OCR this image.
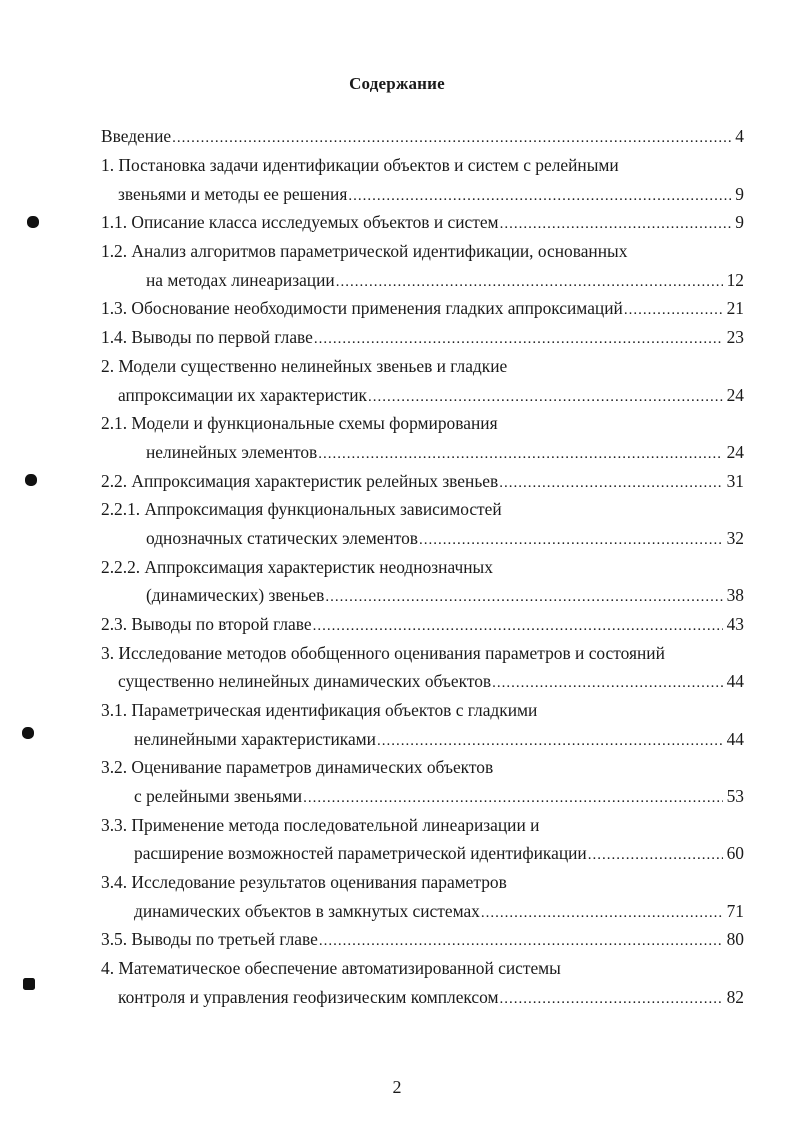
Содержание
Введение .....	4
1. Постановка задачи идентификации объектов и систем с релейными
звеньями и методы ее решения .....	9
1.1. Описание класса исследуемых объектов и систем .....	9
1.2. Анализ алгоритмов параметрической идентификации, основанных
на методах линеаризации .....	12
1.3. Обоснование необходимости применения гладких аппроксимаций .....	21
1.4. Выводы по первой главе .....	23
2. Модели существенно нелинейных звеньев и гладкие
аппроксимации их характеристик .....	24
2.1. Модели и функциональные схемы формирования
нелинейных элементов .....	24
2.2. Аппроксимация характеристик релейных звеньев .....	31
2.2.1. Аппроксимация функциональных зависимостей
однозначных статических элементов .....	32
2.2.2. Аппроксимация характеристик неоднозначных
(динамических) звеньев .....	38
2.3. Выводы по второй главе .....	43
3. Исследование методов обобщенного оценивания параметров и состояний
существенно нелинейных динамических объектов .....	44
3.1. Параметрическая идентификация объектов с гладкими
нелинейными характеристиками .....	44
3.2. Оценивание параметров динамических объектов
с релейными звеньями .....	53
3.3. Применение метода последовательной линеаризации и
расширение возможностей параметрической идентификации .....	60
3.4. Исследование результатов оценивания параметров
динамических объектов в замкнутых системах .....	71
3.5. Выводы по третьей главе .....	80
4. Математическое обеспечение автоматизированной системы
контроля и управления геофизическим комплексом .....	82
2
